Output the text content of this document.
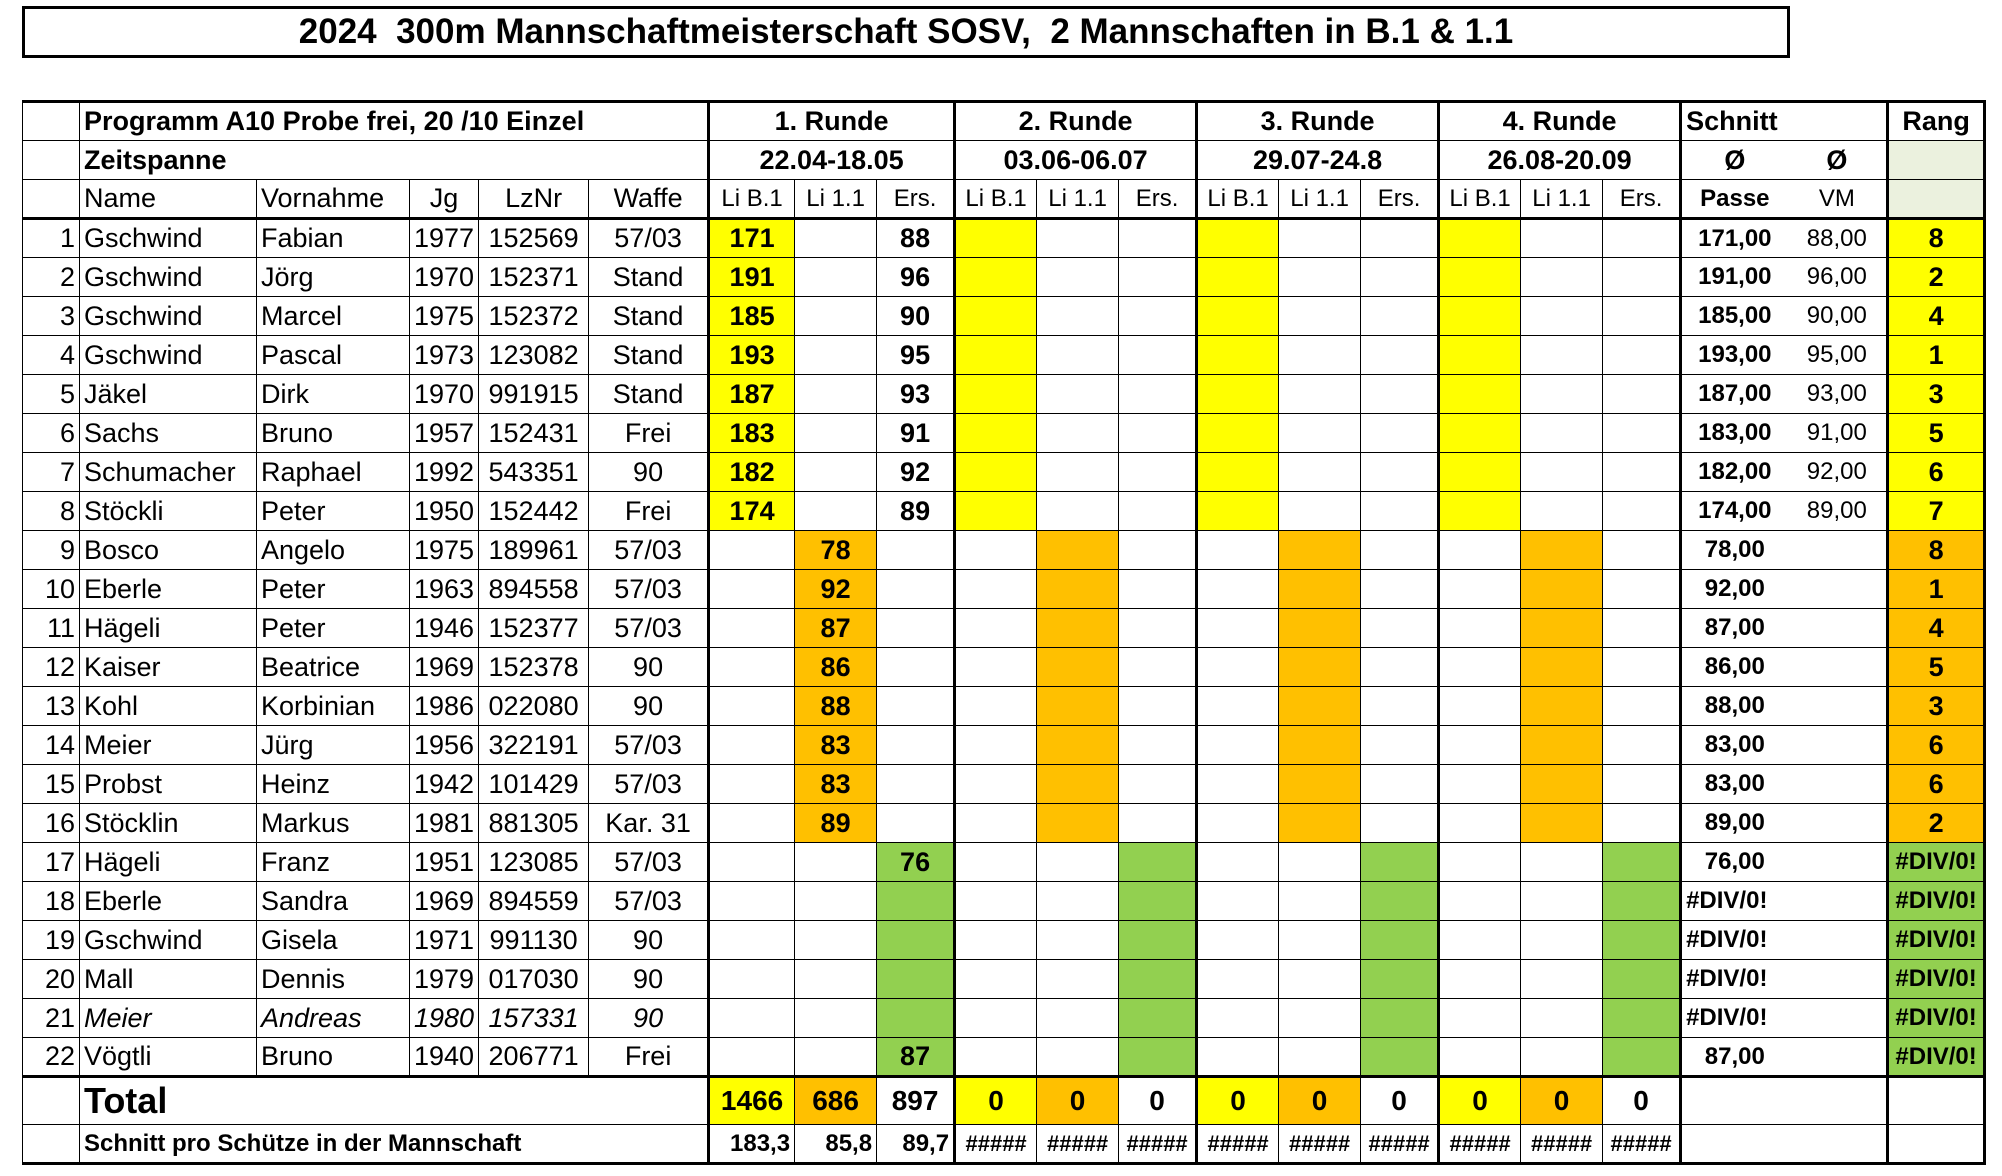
2024  300m Mannschaftmeisterschaft SOSV,  2 Mannschaften in B.1 & 1.1
	Programm A10 Probe frei, 20 /10 Einzel					1. Runde			2. Runde			3. Runde			4. Runde			Schnitt		Rang
	Zeitspanne					22.04-18.05			03.06-06.07			29.07-24.8			26.08-20.09			Ø	Ø	
	Name	Vornahme	Jg	LzNr	Waffe	Li B.1	Li 1.1	Ers.	Li B.1	Li 1.1	Ers.	Li B.1	Li 1.1	Ers.	Li B.1	Li 1.1	Ers.	Passe	VM	
1	Gschwind	Fabian	1977	152569	57/03	171		88										171,00	88,00	8
2	Gschwind	Jörg	1970	152371	Stand	191		96										191,00	96,00	2
3	Gschwind	Marcel	1975	152372	Stand	185		90										185,00	90,00	4
4	Gschwind	Pascal	1973	123082	Stand	193		95										193,00	95,00	1
5	Jäkel	Dirk	1970	991915	Stand	187		93										187,00	93,00	3
6	Sachs	Bruno	1957	152431	Frei	183		91										183,00	91,00	5
7	Schumacher	Raphael	1992	543351	90	182		92										182,00	92,00	6
8	Stöckli	Peter	1950	152442	Frei	174		89										174,00	89,00	7
9	Bosco	Angelo	1975	189961	57/03		78											78,00		8
10	Eberle	Peter	1963	894558	57/03		92											92,00		1
11	Hägeli	Peter	1946	152377	57/03		87											87,00		4
12	Kaiser	Beatrice	1969	152378	90		86											86,00		5
13	Kohl	Korbinian	1986	022080	90		88											88,00		3
14	Meier	Jürg	1956	322191	57/03		83											83,00		6
15	Probst	Heinz	1942	101429	57/03		83											83,00		6
16	Stöcklin	Markus	1981	881305	Kar. 31		89											89,00		2
17	Hägeli	Franz	1951	123085	57/03			76										76,00		#DIV/0!
18	Eberle	Sandra	1969	894559	57/03													#DIV/0!		#DIV/0!
19	Gschwind	Gisela	1971	991130	90													#DIV/0!		#DIV/0!
20	Mall	Dennis	1979	017030	90													#DIV/0!		#DIV/0!
21	Meier	Andreas	1980	157331	90													#DIV/0!		#DIV/0!
22	Vögtli	Bruno	1940	206771	Frei			87										87,00		#DIV/0!
	Total					1466	686	897	0	0	0	0	0	0	0	0	0			
	Schnitt pro Schütze in der Mannschaft					183,3	85,8	89,7	#####	#####	#####	#####	#####	#####	#####	#####	#####			
